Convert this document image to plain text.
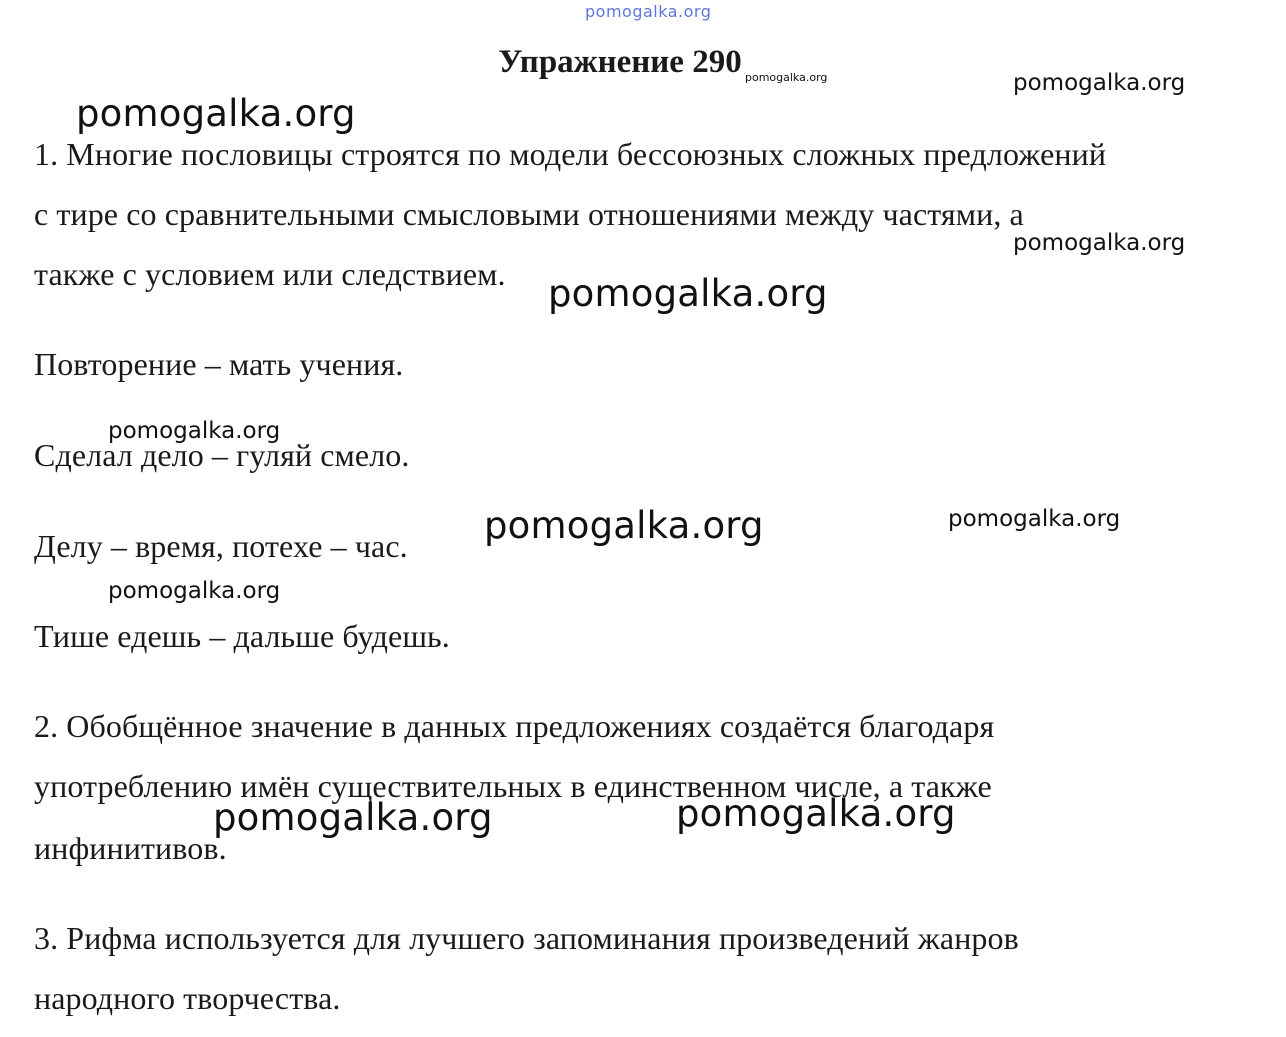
Упражнение 290
1. Многие пословицы строятся по модели бессоюзных сложных предложений
с тире со сравнительными смысловыми отношениями между частями, а
также с условием или следствием.
Повторение – мать учения.
Сделал дело – гуляй смело.
Делу – время, потехе – час.
Тише едешь – дальше будешь.
2. Обобщённое значение в данных предложениях создаётся благодаря
употреблению имён существительных в единственном числе, а также
инфинитивов.
3. Рифма используется для лучшего запоминания произведений жанров
народного творчества.
pomogalka.org
pomogalka.org	pomogalka.org
pomogalka.org
pomogalka.org
pomogalka.org
pomogalka.org
pomogalka.org	pomogalka.org
pomogalka.org
pomogalka.org
pomogalka.org
